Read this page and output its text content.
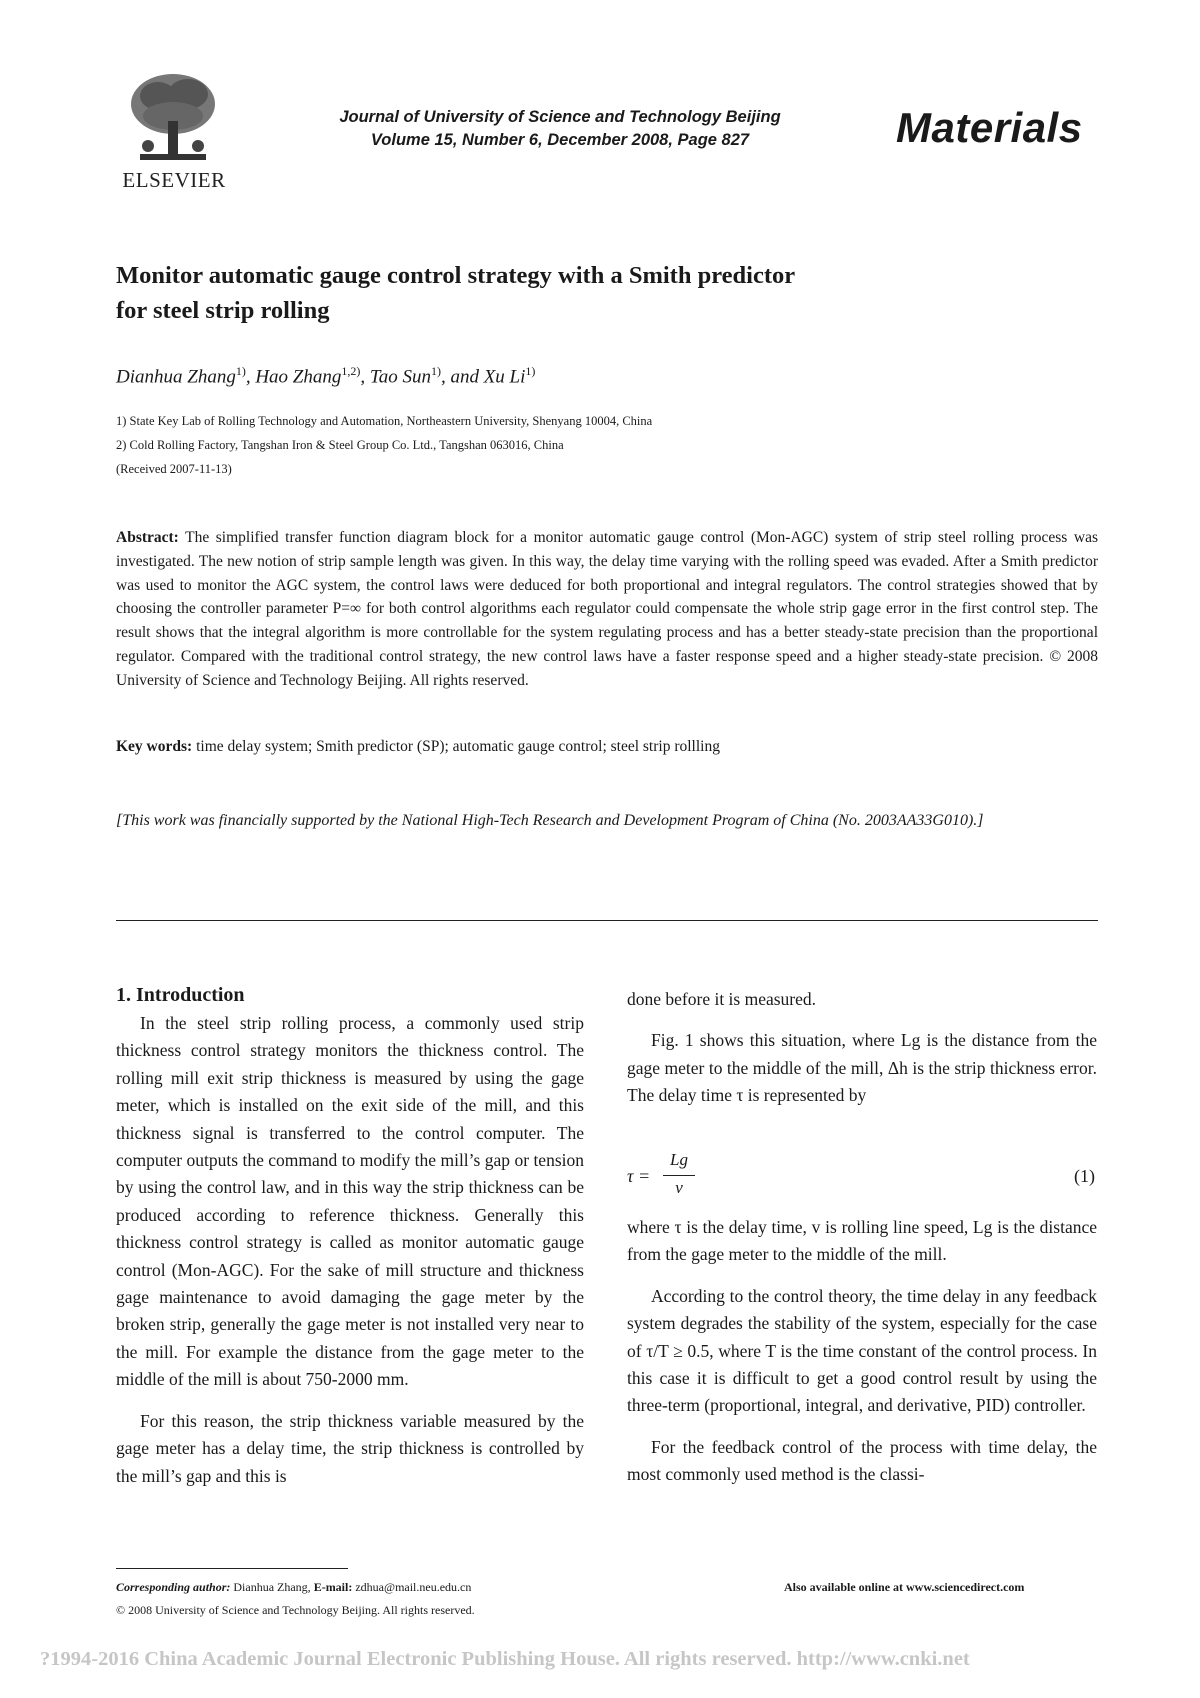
ELSEVIER
Journal of University of Science and Technology Beijing
Volume 15, Number 6, December 2008, Page 827	Materials
Monitor automatic gauge control strategy with a Smith predictor
for steel strip rolling
Dianhua Zhang$^{1)}$, Hao Zhang$^{1,2)}$, Tao Sun$^{1)}$, and Xu Li$^{1)}$
1) State Key Lab of Rolling Technology and Automation, Northeastern University, Shenyang 10004, China
2) Cold Rolling Factory, Tangshan Iron & Steel Group Co. Ltd., Tangshan 063016, China
(Received 2007-11-13)
Abstract: The simplified transfer function diagram block for a monitor automatic gauge control (Mon-AGC) system of strip steel rolling process was investigated. The new notion of strip sample length was given. In this way, the delay time varying with the rolling speed was evaded. After a Smith predictor was used to monitor the AGC system, the control laws were deduced for both proportional and integral regulators. The control strategies showed that by choosing the controller parameter P=∞ for both control algorithms each regulator could compensate the whole strip gage error in the first control step. The result shows that the integral algorithm is more controllable for the system regulating process and has a better steady-state precision than the proportional regulator. Compared with the traditional control strategy, the new control laws have a faster response speed and a higher steady-state precision. © 2008 University of Science and Technology Beijing. All rights reserved.
Key words: time delay system; Smith predictor (SP); automatic gauge control; steel strip rollling
[This work was financially supported by the National High-Tech Research and Development Program of China (No. 2003AA33G010).]
1. Introduction

In the steel strip rolling process, a commonly used strip thickness control strategy monitors the thickness control. The rolling mill exit strip thickness is measured by using the gage meter, which is installed on the exit side of the mill, and this thickness signal is transferred to the control computer. The computer outputs the command to modify the mill’s gap or tension by using the control law, and in this way the strip thickness can be produced according to reference thickness. Generally this thickness control strategy is called as monitor automatic gauge control (Mon-AGC). For the sake of mill structure and thickness gage maintenance to avoid damaging the gage meter by the broken strip, generally the gage meter is not installed very near to the mill. For example the distance from the gage meter to the middle of the mill is about 750-2000 mm.

For this reason, the strip thickness variable measured by the gage meter has a delay time, the strip thickness is controlled by the mill’s gap and this is

done before it is measured.

Fig. 1 shows this situation, where Lg is the distance from the gage meter to the middle of the mill, Δh is the strip thickness error. The delay time τ is represented by

τ =
Lg
v
(1)

where τ is the delay time, v is rolling line speed, Lg is the distance from the gage meter to the middle of the mill.

According to the control theory, the time delay in any feedback system degrades the stability of the system, especially for the case of τ/T ≥ 0.5, where T is the time constant of the control process. In this case it is difficult to get a good control result by using the three-term (proportional, integral, and derivative, PID) controller.

For the feedback control of the process with time delay, the most commonly used method is the classi-

Corresponding author: Dianhua Zhang, E-mail: zdhua@mail.neu.edu.cn
© 2008 University of Science and Technology Beijing. All rights reserved.
Also available online at www.sciencedirect.com
?1994-2016 China Academic Journal Electronic Publishing House. All rights reserved. http://www.cnki.net
